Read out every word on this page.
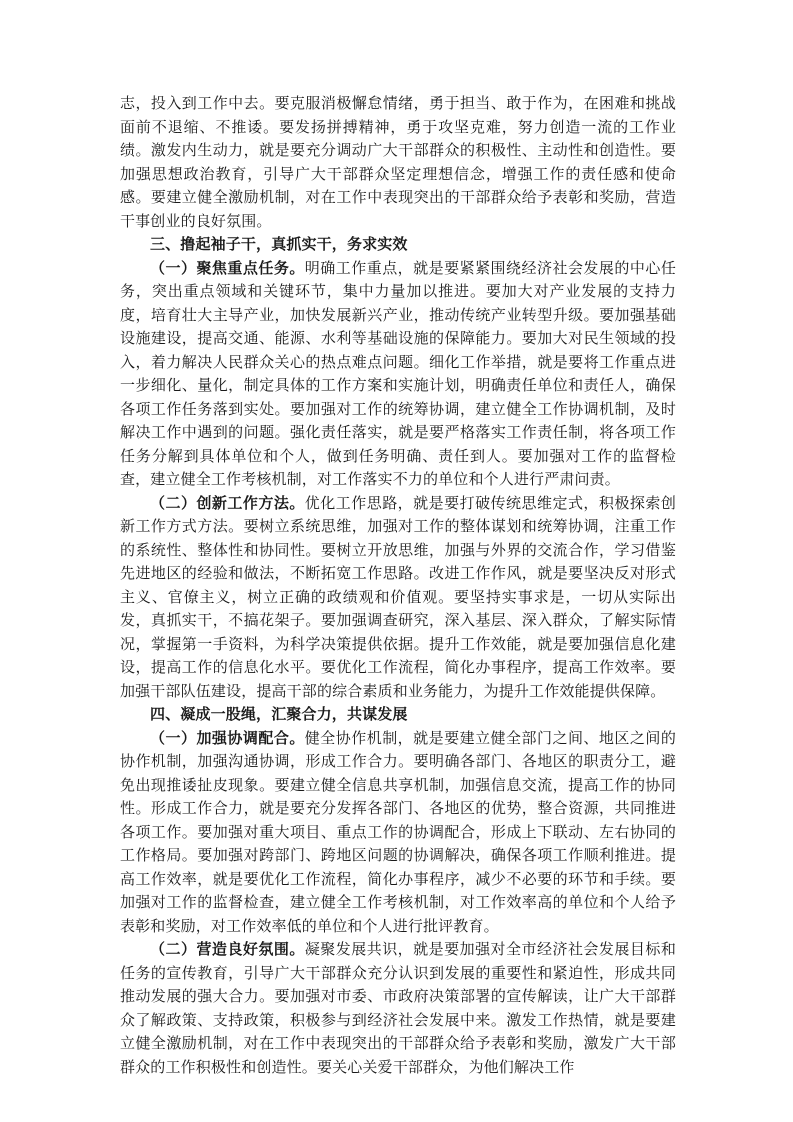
志，投入到工作中去。要克服消极懈怠情绪，勇于担当、敢于作为，在困难和挑战面前不退缩、不推诿。要发扬拼搏精神，勇于攻坚克难，努力创造一流的工作业绩。激发内生动力，就是要充分调动广大干部群众的积极性、主动性和创造性。要加强思想政治教育，引导广大干部群众坚定理想信念，增强工作的责任感和使命感。要建立健全激励机制，对在工作中表现突出的干部群众给予表彰和奖励，营造干事创业的良好氛围。

三、撸起袖子干，真抓实干，务求实效

（一）聚焦重点任务。明确工作重点，就是要紧紧围绕经济社会发展的中心任务，突出重点领域和关键环节，集中力量加以推进。要加大对产业发展的支持力度，培育壮大主导产业，加快发展新兴产业，推动传统产业转型升级。要加强基础设施建设，提高交通、能源、水利等基础设施的保障能力。要加大对民生领域的投入，着力解决人民群众关心的热点难点问题。细化工作举措，就是要将工作重点进一步细化、量化，制定具体的工作方案和实施计划，明确责任单位和责任人，确保各项工作任务落到实处。要加强对工作的统筹协调，建立健全工作协调机制，及时解决工作中遇到的问题。强化责任落实，就是要严格落实工作责任制，将各项工作任务分解到具体单位和个人，做到任务明确、责任到人。要加强对工作的监督检查，建立健全工作考核机制，对工作落实不力的单位和个人进行严肃问责。

（二）创新工作方法。优化工作思路，就是要打破传统思维定式，积极探索创新工作方式方法。要树立系统思维，加强对工作的整体谋划和统筹协调，注重工作的系统性、整体性和协同性。要树立开放思维，加强与外界的交流合作，学习借鉴先进地区的经验和做法，不断拓宽工作思路。改进工作作风，就是要坚决反对形式主义、官僚主义，树立正确的政绩观和价值观。要坚持实事求是，一切从实际出发，真抓实干，不搞花架子。要加强调查研究，深入基层、深入群众，了解实际情况，掌握第一手资料，为科学决策提供依据。提升工作效能，就是要加强信息化建设，提高工作的信息化水平。要优化工作流程，简化办事程序，提高工作效率。要加强干部队伍建设，提高干部的综合素质和业务能力，为提升工作效能提供保障。

四、凝成一股绳，汇聚合力，共谋发展

（一）加强协调配合。健全协作机制，就是要建立健全部门之间、地区之间的协作机制，加强沟通协调，形成工作合力。要明确各部门、各地区的职责分工，避免出现推诿扯皮现象。要建立健全信息共享机制，加强信息交流，提高工作的协同性。形成工作合力，就是要充分发挥各部门、各地区的优势，整合资源，共同推进各项工作。要加强对重大项目、重点工作的协调配合，形成上下联动、左右协同的工作格局。要加强对跨部门、跨地区问题的协调解决，确保各项工作顺利推进。提高工作效率，就是要优化工作流程，简化办事程序，减少不必要的环节和手续。要加强对工作的监督检查，建立健全工作考核机制，对工作效率高的单位和个人给予表彰和奖励，对工作效率低的单位和个人进行批评教育。

（二）营造良好氛围。凝聚发展共识，就是要加强对全市经济社会发展目标和任务的宣传教育，引导广大干部群众充分认识到发展的重要性和紧迫性，形成共同推动发展的强大合力。要加强对市委、市政府决策部署的宣传解读，让广大干部群众了解政策、支持政策，积极参与到经济社会发展中来。激发工作热情，就是要建立健全激励机制，对在工作中表现突出的干部群众给予表彰和奖励，激发广大干部群众的工作积极性和创造性。要关心关爱干部群众，为他们解决工作
